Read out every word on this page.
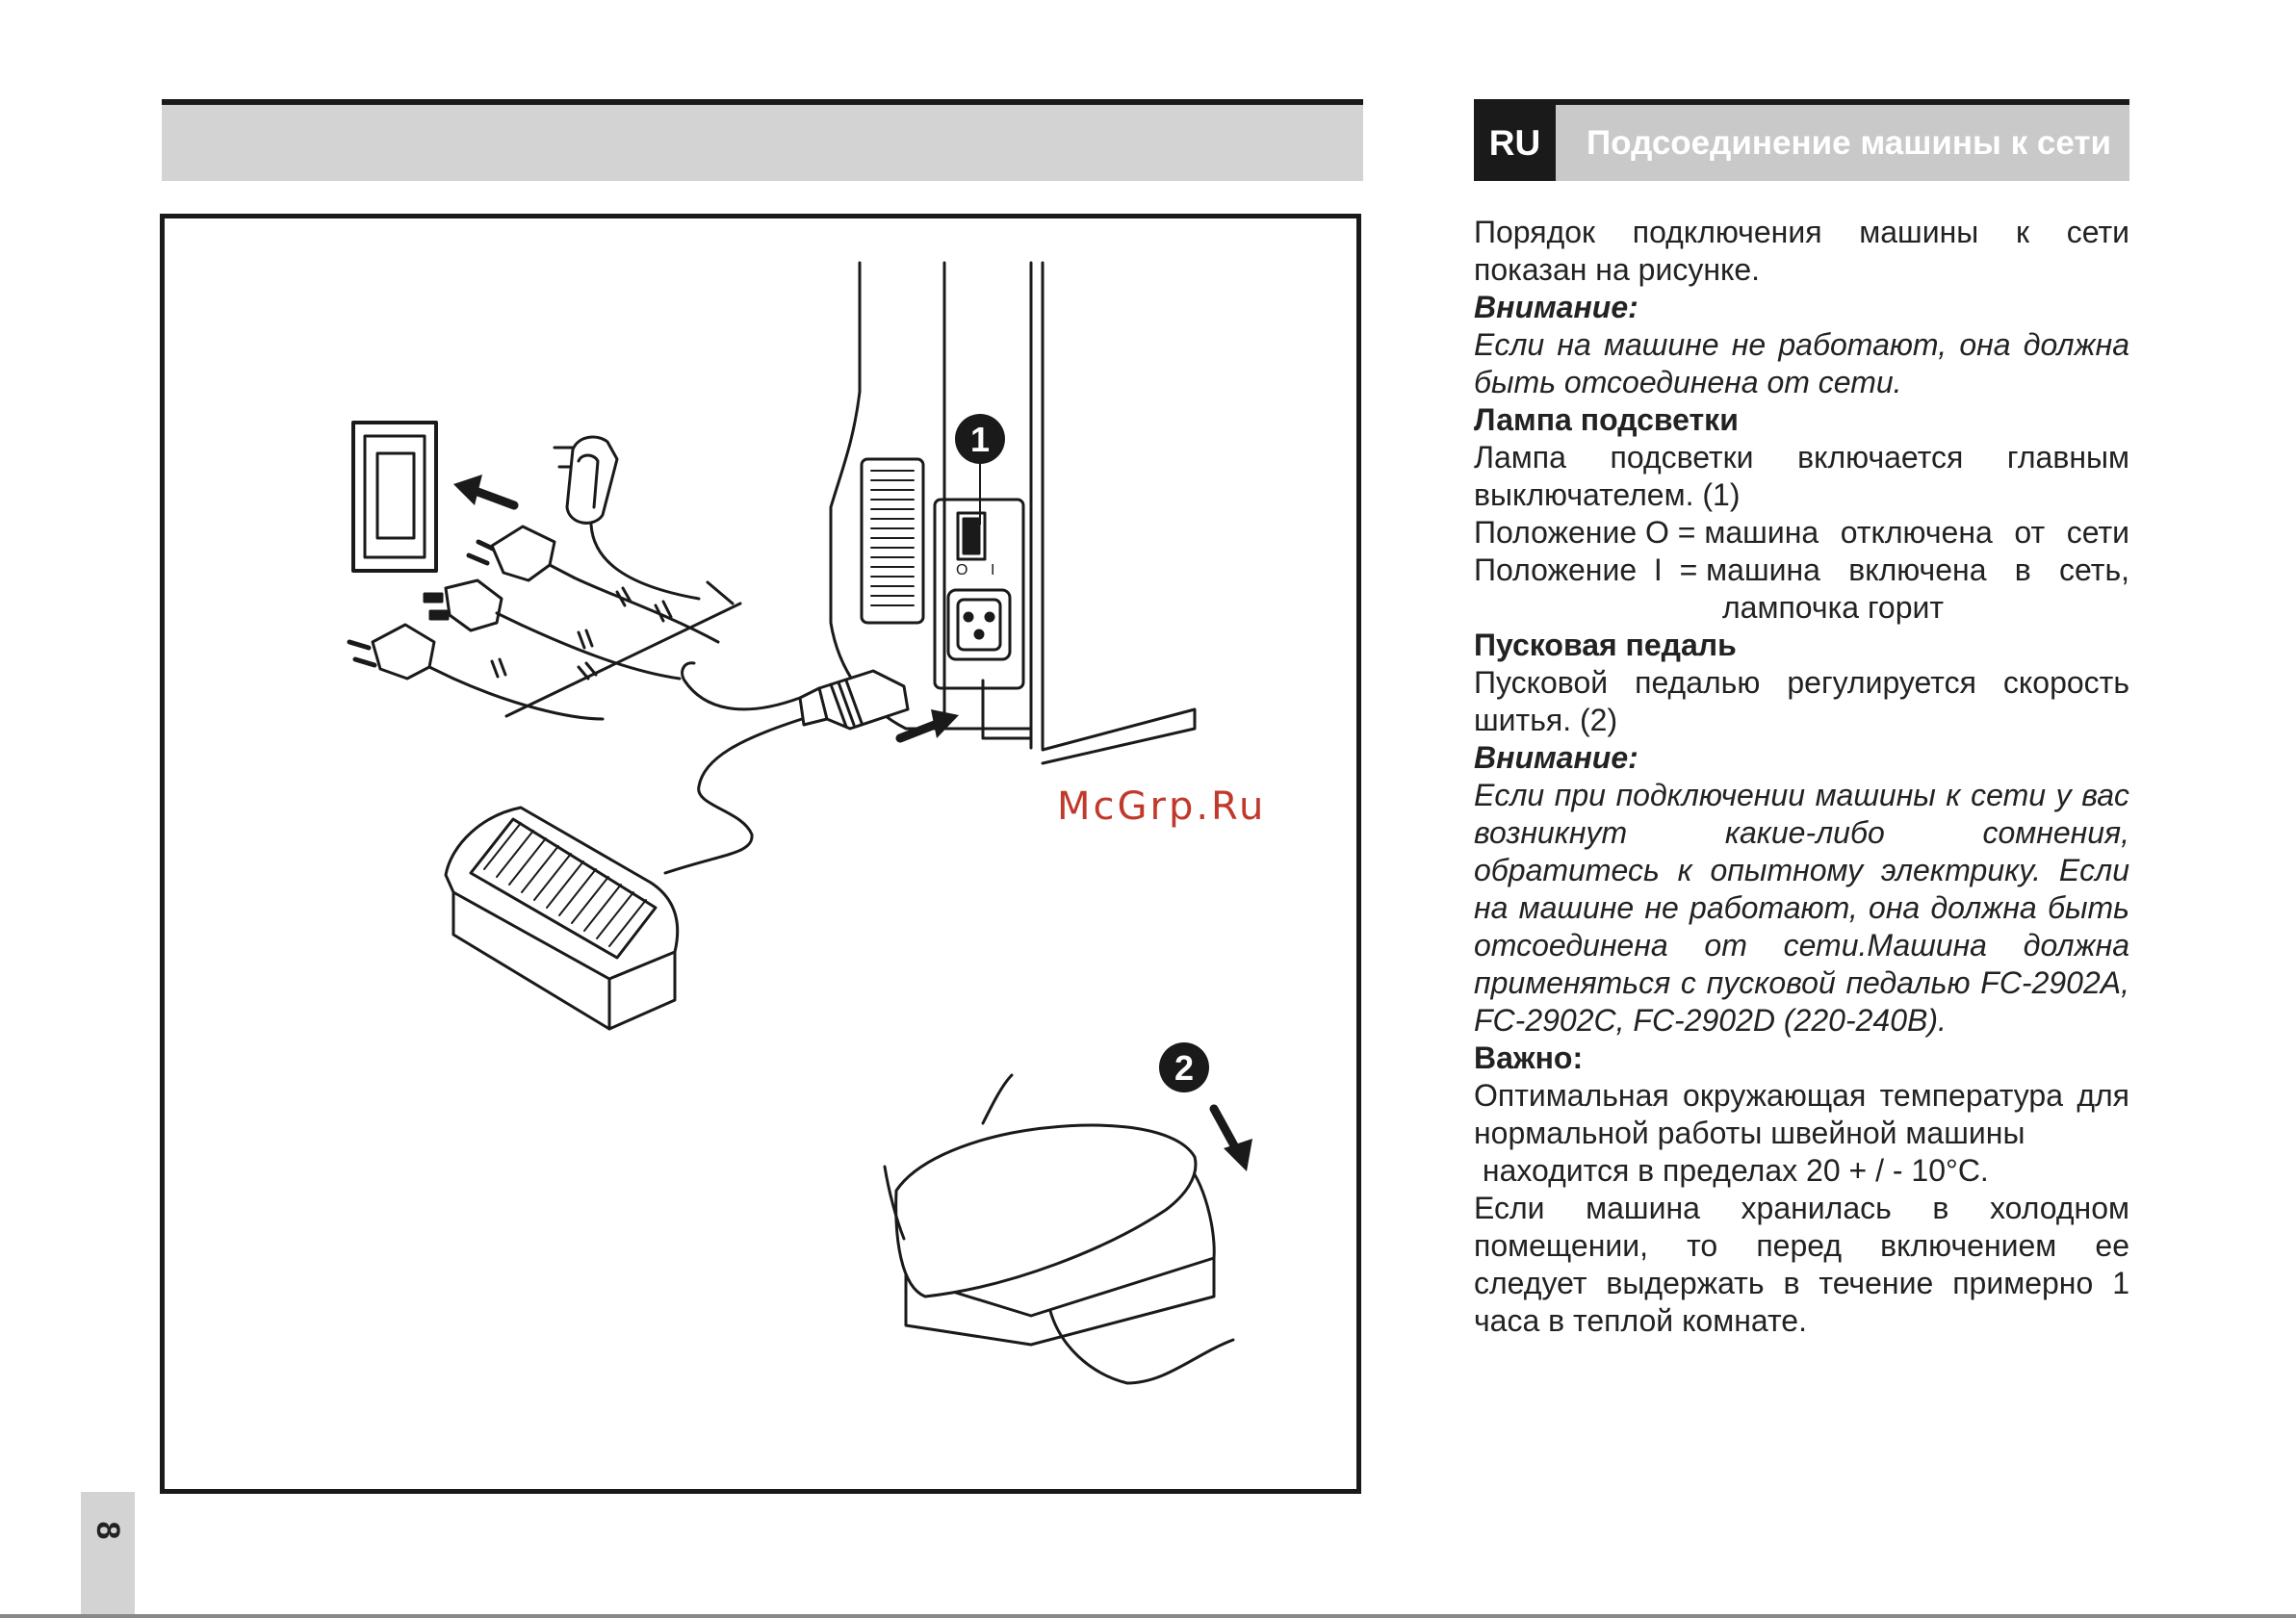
1
O I
2
McGrp.Ru
RU	Подсоединение машины к сети

Порядок подключения машины к сети показан на рисунке.

Внимание:

Если на машине не работают, она должна быть отсоединена от сети.

Лампа подсветки

Лампа подсветки включается главным выключателем. (1)

Положение O = машина отключена от сети
Положение  I  = машина включена в сеть,

лампочка горит

Пусковая педаль

Пусковой педалью регулируется скорость шитья. (2)

Внимание:

Если при подключении машины к сети у вас возникнут какие-либо сомнения, обратитесь к опытному электрику. Если на машине не работают, она должна быть отсоединена от сети.Машина должна применяться с пусковой педалью FC-2902A, FC-2902C, FC-2902D (220-240В).

Важно:

Оптимальная окружающая температура для нормальной работы швейной машины

находится в пределах 20 + / - 10°C.

Если машина хранилась в холодном помещении, то перед включением ее следует выдержать в течение примерно 1 часа в теплой комнате.

8
